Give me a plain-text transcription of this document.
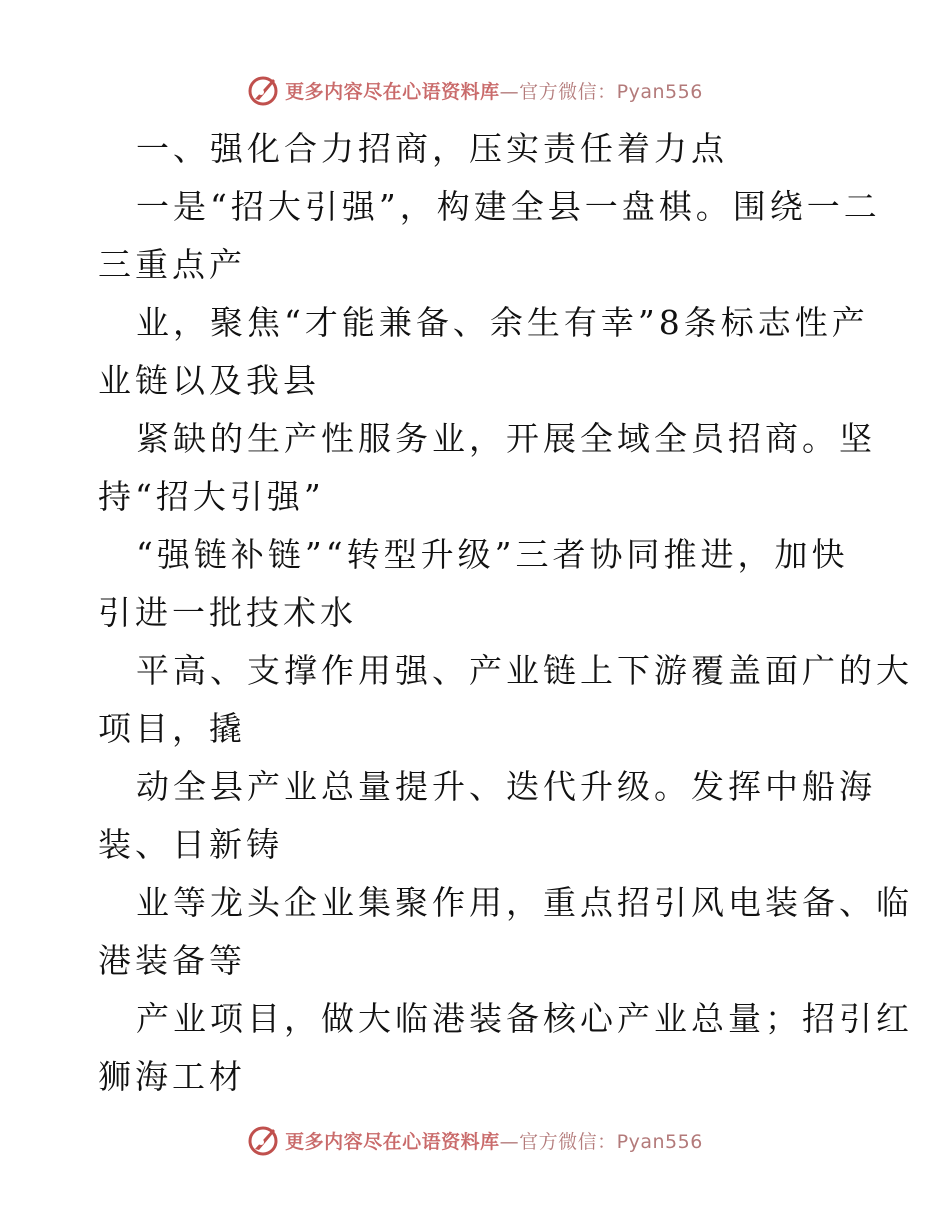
更多内容尽在心语资料库 —官方微信：Pyan556
一、强化合力招商，压实责任着力点
一是“招大引强”，构建全县一盘棋。围绕一二
三重点产
业，聚焦“才能兼备、余生有幸”8条标志性产
业链以及我县
紧缺的生产性服务业，开展全域全员招商。坚
持“招大引强”
“强链补链”“转型升级”三者协同推进，加快
引进一批技术水
平高、支撑作用强、产业链上下游覆盖面广的大
项目，撬
动全县产业总量提升、迭代升级。发挥中船海
装、日新铸
业等龙头企业集聚作用，重点招引风电装备、临
港装备等
产业项目，做大临港装备核心产业总量；招引红
狮海工材
更多内容尽在心语资料库 —官方微信：Pyan556
